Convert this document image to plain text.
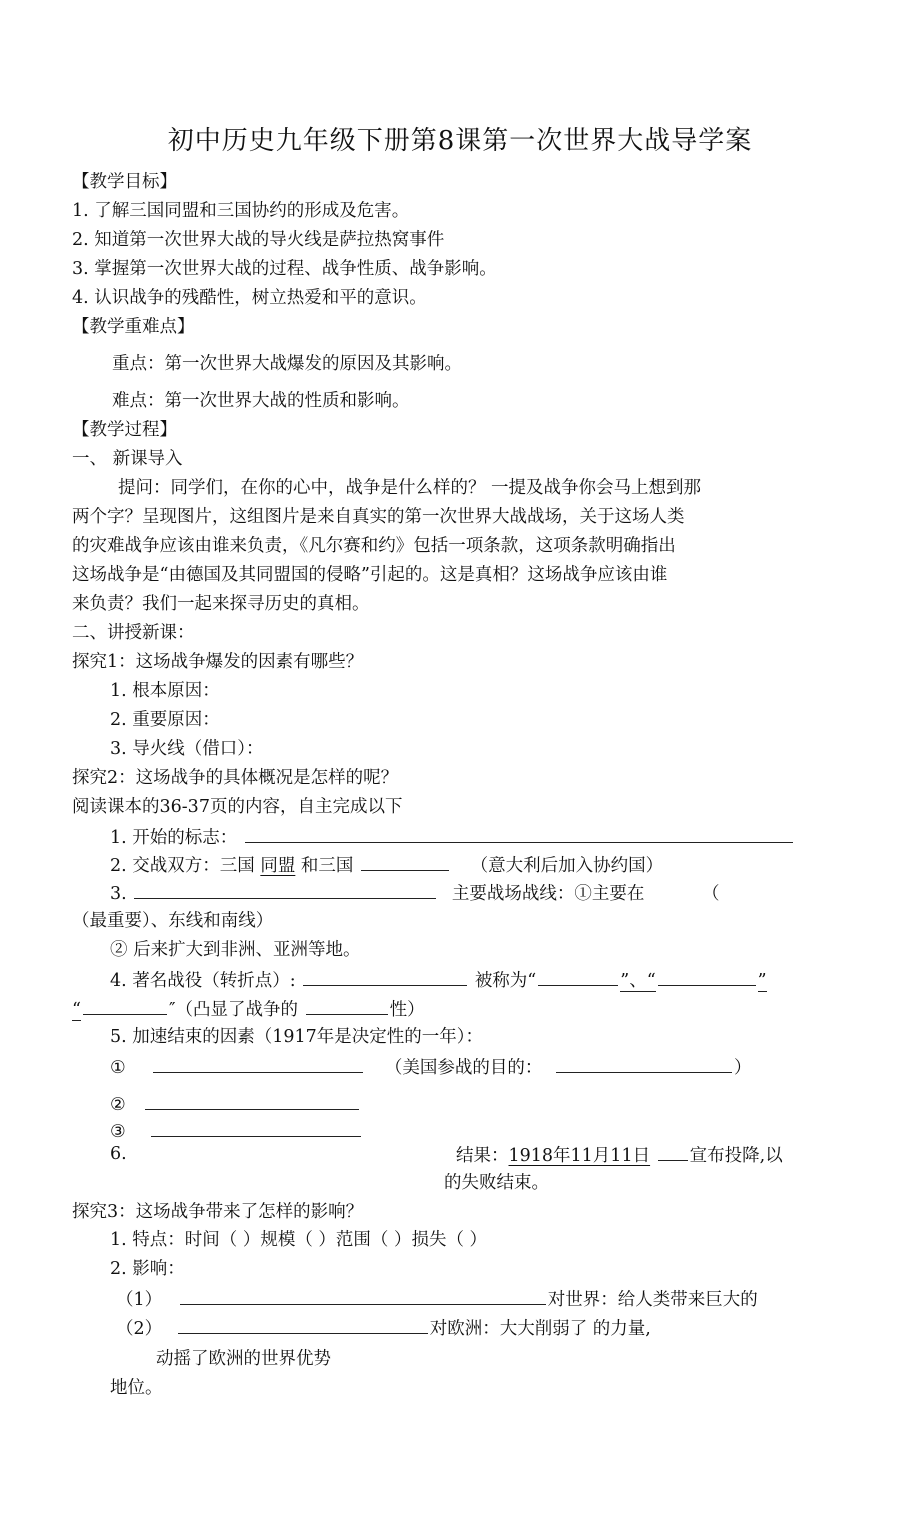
初中历史九年级下册第8课第一次世界大战导学案
【教学目标】
1. 了解三国同盟和三国协约的形成及危害。
2. 知道第一次世界大战的导火线是萨拉热窝事件
3. 掌握第一次世界大战的过程、战争性质、战争影响。
4. 认识战争的残酷性，树立热爱和平的意识。
【教学重难点】
重点：第一次世界大战爆发的原因及其影响。
难点：第一次世界大战的性质和影响。
【教学过程】
一、 新课导入
提问：同学们，在你的心中，战争是什么样的？ 一提及战争你会马上想到那
两个字？呈现图片，这组图片是来自真实的第一次世界大战战场，关于这场人类
的灾难战争应该由谁来负责，《凡尔赛和约》包括一项条款，这项条款明确指出
这场战争是“由德国及其同盟国的侵略”引起的。这是真相？这场战争应该由谁
来负责？我们一起来探寻历史的真相。
二、讲授新课：
探究1：这场战争爆发的因素有哪些？
1. 根本原因：
2. 重要原因：
3. 导火线（借口）：
探究2：这场战争的具体概况是怎样的呢？
阅读课本的36-37页的内容，自主完成以下
1. 开始的标志：
2. 交战双方：三国 同盟 和三国	（意大利后加入协约国）
3.	主要战场战线：①主要在	（
（最重要）、东线和南线）
② 后来扩大到非洲、亚洲等地。
4. 著名战役（转折点）:	被称为“	”、“	”
“	″（凸显了战争的	性）
5. 加速结束的因素（1917年是决定性的一年）：
①	（美国参战的目的：	）
②
③
6.	结果：1918年11月11日 宣布投降,以
的失败结束。
探究3：这场战争带来了怎样的影响？
1. 特点：时间（ ）规模（ ）范围（ ）损失（ ）
2. 影响：
（1）	对世界：给人类带来巨大的
（2）	对欧洲：大大削弱了 的力量,
动摇了欧洲的世界优势
地位。
